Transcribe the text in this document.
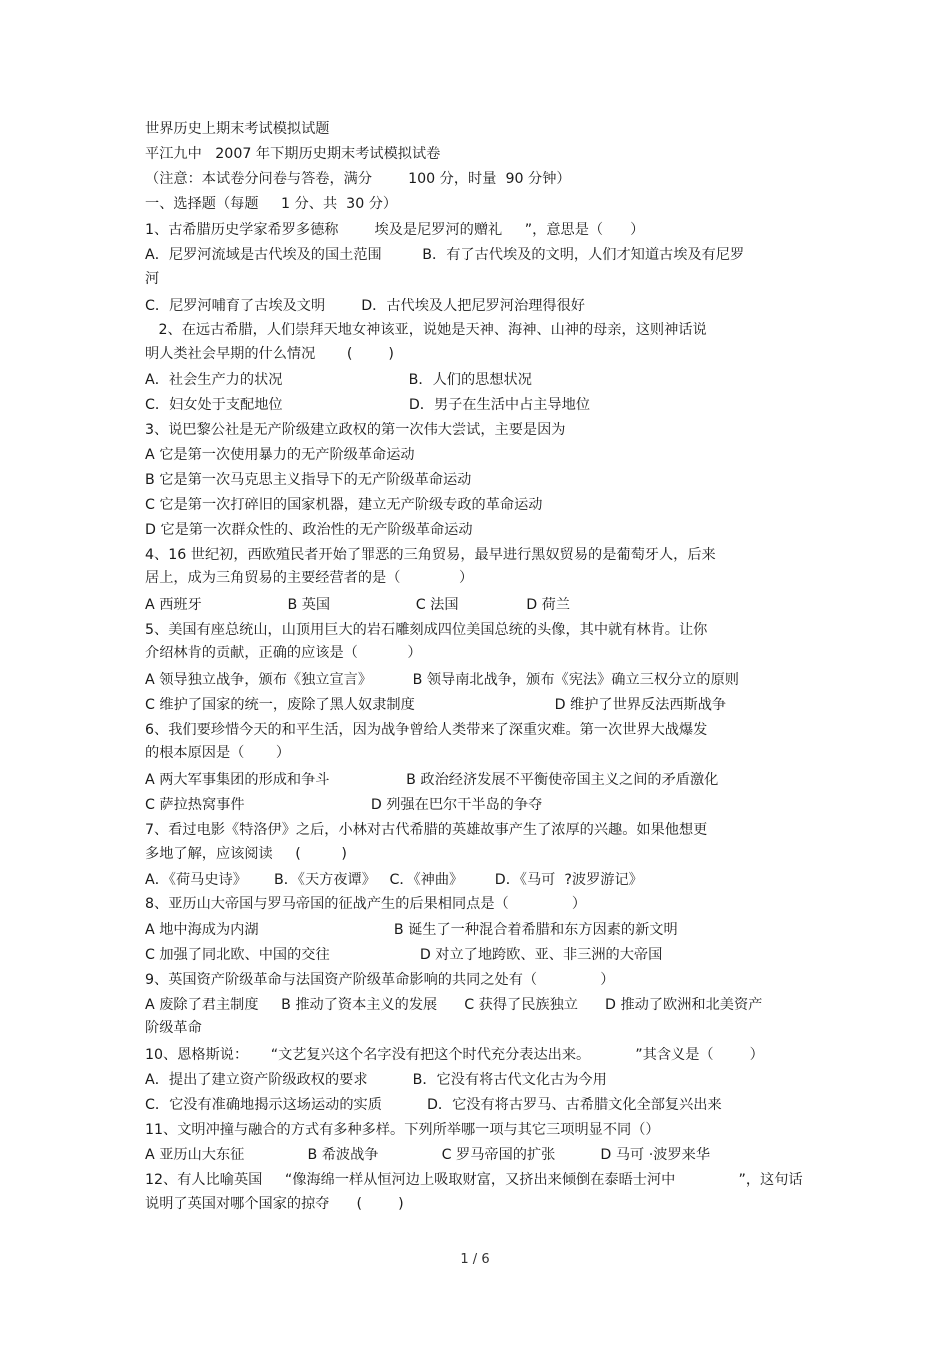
世界历史上期末考试模拟试题
平江九中   2007 年下期历史期末考试模拟试卷
（注意：本试卷分问卷与答卷，满分        100 分，时量  90 分钟）
一、选择题（每题     1 分、共  30 分）
1、古希腊历史学家希罗多德称        埃及是尼罗河的赠礼     ”，意思是（      ）
A．尼罗河流域是古代埃及的国土范围         B．有了古代埃及的文明，人们才知道古埃及有尼罗
河
C．尼罗河哺育了古埃及文明        D．古代埃及人把尼罗河治理得很好
2、在远古希腊，人们崇拜天地女神该亚，说她是天神、海神、山神的母亲，这则神话说
明人类社会早期的什么情况       (        )
A．社会生产力的状况                            B．人们的思想状况
C．妇女处于支配地位                            D．男子在生活中占主导地位
3、说巴黎公社是无产阶级建立政权的第一次伟大尝试，主要是因为
A 它是第一次使用暴力的无产阶级革命运动
B 它是第一次马克思主义指导下的无产阶级革命运动
C 它是第一次打碎旧的国家机器，建立无产阶级专政的革命运动
D 它是第一次群众性的、政治性的无产阶级革命运动
4、16 世纪初，西欧殖民者开始了罪恶的三角贸易，最早进行黑奴贸易的是葡萄牙人，后来
居上，成为三角贸易的主要经营者的是（             ）
A 西班牙                   B 英国                   C 法国               D 荷兰
5、美国有座总统山，山顶用巨大的岩石雕刻成四位美国总统的头像，其中就有林肯。让你
介绍林肯的贡献，正确的应该是（           ）
A 领导独立战争，颁布《独立宣言》         B 领导南北战争，颁布《宪法》确立三权分立的原则
C 维护了国家的统一，废除了黑人奴隶制度                               D 维护了世界反法西斯战争
6、我们要珍惜今天的和平生活，因为战争曾给人类带来了深重灾难。第一次世界大战爆发
的根本原因是（       ）
A 两大军事集团的形成和争斗                 B 政治经济发展不平衡使帝国主义之间的矛盾激化
C 萨拉热窝事件                            D 列强在巴尔干半岛的争夺
7、看过电影《特洛伊》之后，小林对古代希腊的英雄故事产生了浓厚的兴趣。如果他想更
多地了解，应该阅读     (         )
A．《荷马史诗》      B．《天方夜谭》   C．《神曲》       D．《马可  ?波罗游记》
8、亚历山大帝国与罗马帝国的征战产生的后果相同点是（              ）
A 地中海成为内湖                              B 诞生了一种混合着希腊和东方因素的新文明
C 加强了同北欧、中国的交往                    D 对立了地跨欧、亚、非三洲的大帝国
9、英国资产阶级革命与法国资产阶级革命影响的共同之处有（              ）
A 废除了君主制度     B 推动了资本主义的发展      C 获得了民族独立      D 推动了欧洲和北美资产
阶级革命
10、恩格斯说：     “文艺复兴这个名字没有把这个时代充分表达出来。          ”其含义是（        ）
A．提出了建立资产阶级政权的要求          B．它没有将古代文化古为今用
C．它没有准确地揭示这场运动的实质          D．它没有将古罗马、古希腊文化全部复兴出来
11、文明冲撞与融合的方式有多种多样。下列所举哪一项与其它三项明显不同（）
A 亚历山大东征              B 希波战争              C 罗马帝国的扩张          D 马可 ·波罗来华
12、有人比喻英国     “像海绵一样从恒河边上吸取财富，又挤出来倾倒在泰晤士河中              ”，这句话
说明了英国对哪个国家的掠夺      (        )
1 / 6
